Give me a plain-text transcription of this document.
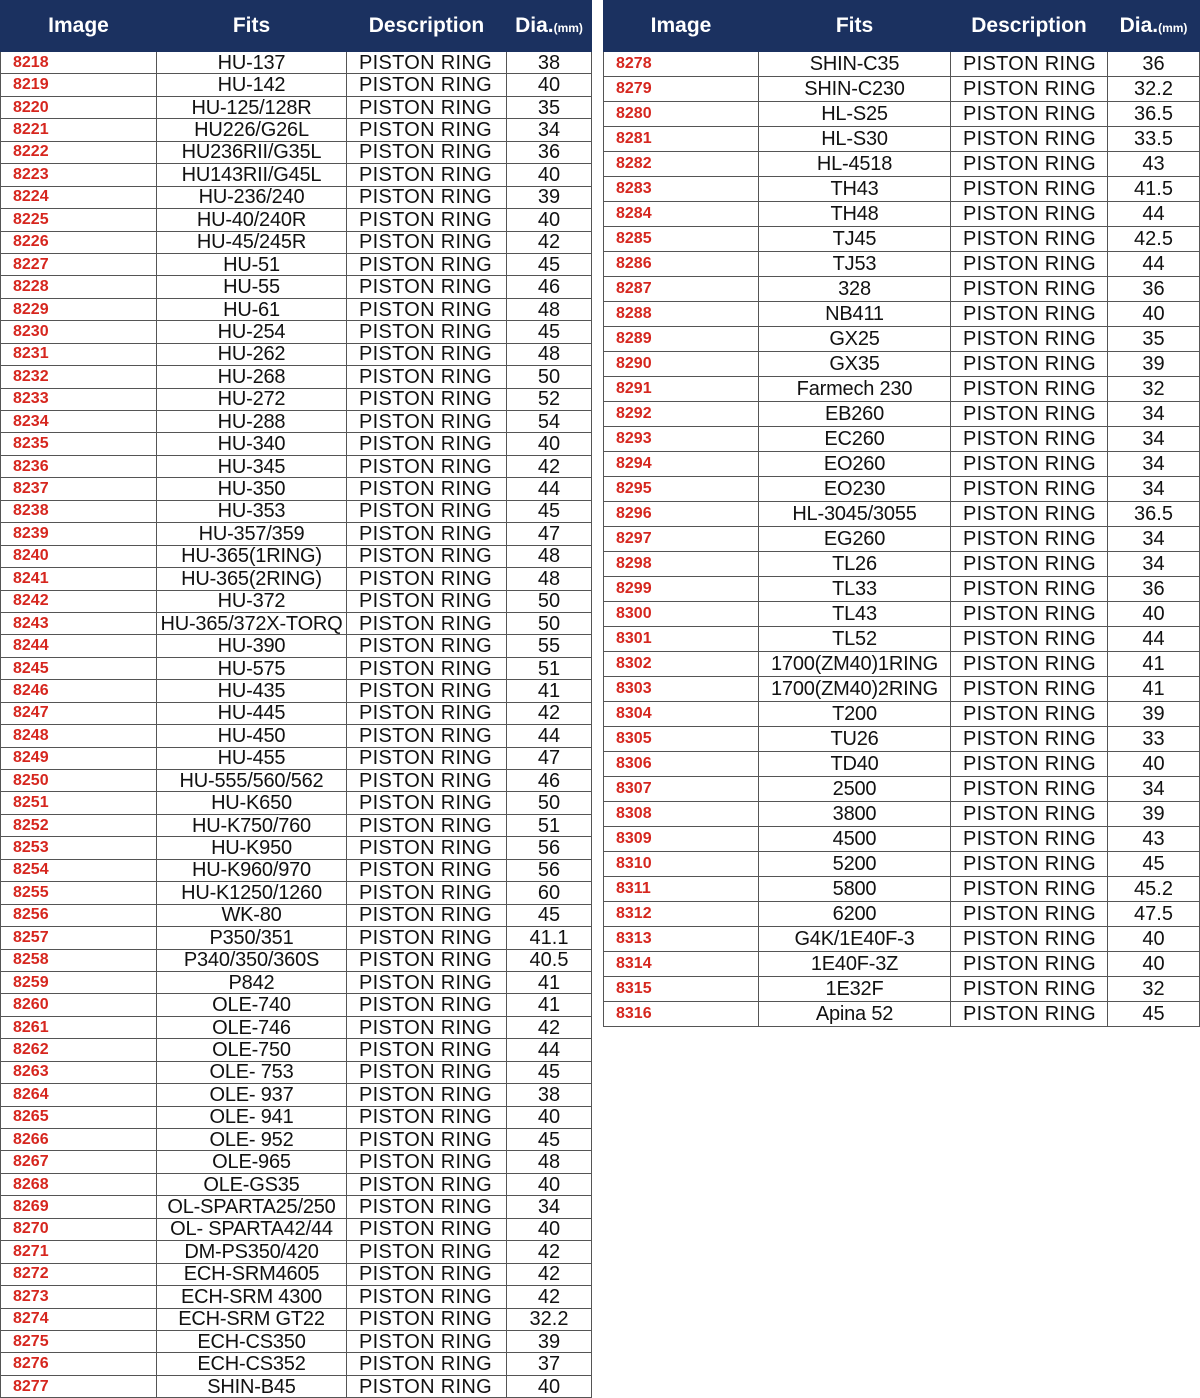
Image	Fits	Description	Dia.(mm)
8218	HU-137	PISTON RING	38
8219	HU-142	PISTON RING	40
8220	HU-125/128R	PISTON RING	35
8221	HU226/G26L	PISTON RING	34
8222	HU236RII/G35L	PISTON RING	36
8223	HU143RII/G45L	PISTON RING	40
8224	HU-236/240	PISTON RING	39
8225	HU-40/240R	PISTON RING	40
8226	HU-45/245R	PISTON RING	42
8227	HU-51	PISTON RING	45
8228	HU-55	PISTON RING	46
8229	HU-61	PISTON RING	48
8230	HU-254	PISTON RING	45
8231	HU-262	PISTON RING	48
8232	HU-268	PISTON RING	50
8233	HU-272	PISTON RING	52
8234	HU-288	PISTON RING	54
8235	HU-340	PISTON RING	40
8236	HU-345	PISTON RING	42
8237	HU-350	PISTON RING	44
8238	HU-353	PISTON RING	45
8239	HU-357/359	PISTON RING	47
8240	HU-365(1RING)	PISTON RING	48
8241	HU-365(2RING)	PISTON RING	48
8242	HU-372	PISTON RING	50
8243	HU-365/372X-TORQ	PISTON RING	50
8244	HU-390	PISTON RING	55
8245	HU-575	PISTON RING	51
8246	HU-435	PISTON RING	41
8247	HU-445	PISTON RING	42
8248	HU-450	PISTON RING	44
8249	HU-455	PISTON RING	47
8250	HU-555/560/562	PISTON RING	46
8251	HU-K650	PISTON RING	50
8252	HU-K750/760	PISTON RING	51
8253	HU-K950	PISTON RING	56
8254	HU-K960/970	PISTON RING	56
8255	HU-K1250/1260	PISTON RING	60
8256	WK-80	PISTON RING	45
8257	P350/351	PISTON RING	41.1
8258	P340/350/360S	PISTON RING	40.5
8259	P842	PISTON RING	41
8260	OLE-740	PISTON RING	41
8261	OLE-746	PISTON RING	42
8262	OLE-750	PISTON RING	44
8263	OLE- 753	PISTON RING	45
8264	OLE- 937	PISTON RING	38
8265	OLE- 941	PISTON RING	40
8266	OLE- 952	PISTON RING	45
8267	OLE-965	PISTON RING	48
8268	OLE-GS35	PISTON RING	40
8269	OL-SPARTA25/250	PISTON RING	34
8270	OL- SPARTA42/44	PISTON RING	40
8271	DM-PS350/420	PISTON RING	42
8272	ECH-SRM4605	PISTON RING	42
8273	ECH-SRM 4300	PISTON RING	42
8274	ECH-SRM GT22	PISTON RING	32.2
8275	ECH-CS350	PISTON RING	39
8276	ECH-CS352	PISTON RING	37
8277	SHIN-B45	PISTON RING	40
Image	Fits	Description	Dia.(mm)
8278	SHIN-C35	PISTON RING	36
8279	SHIN-C230	PISTON RING	32.2
8280	HL-S25	PISTON RING	36.5
8281	HL-S30	PISTON RING	33.5
8282	HL-4518	PISTON RING	43
8283	TH43	PISTON RING	41.5
8284	TH48	PISTON RING	44
8285	TJ45	PISTON RING	42.5
8286	TJ53	PISTON RING	44
8287	328	PISTON RING	36
8288	NB411	PISTON RING	40
8289	GX25	PISTON RING	35
8290	GX35	PISTON RING	39
8291	Farmech 230	PISTON RING	32
8292	EB260	PISTON RING	34
8293	EC260	PISTON RING	34
8294	EO260	PISTON RING	34
8295	EO230	PISTON RING	34
8296	HL-3045/3055	PISTON RING	36.5
8297	EG260	PISTON RING	34
8298	TL26	PISTON RING	34
8299	TL33	PISTON RING	36
8300	TL43	PISTON RING	40
8301	TL52	PISTON RING	44
8302	1700(ZM40)1RING	PISTON RING	41
8303	1700(ZM40)2RING	PISTON RING	41
8304	T200	PISTON RING	39
8305	TU26	PISTON RING	33
8306	TD40	PISTON RING	40
8307	2500	PISTON RING	34
8308	3800	PISTON RING	39
8309	4500	PISTON RING	43
8310	5200	PISTON RING	45
8311	5800	PISTON RING	45.2
8312	6200	PISTON RING	47.5
8313	G4K/1E40F-3	PISTON RING	40
8314	1E40F-3Z	PISTON RING	40
8315	1E32F	PISTON RING	32
8316	Apina 52	PISTON RING	45
